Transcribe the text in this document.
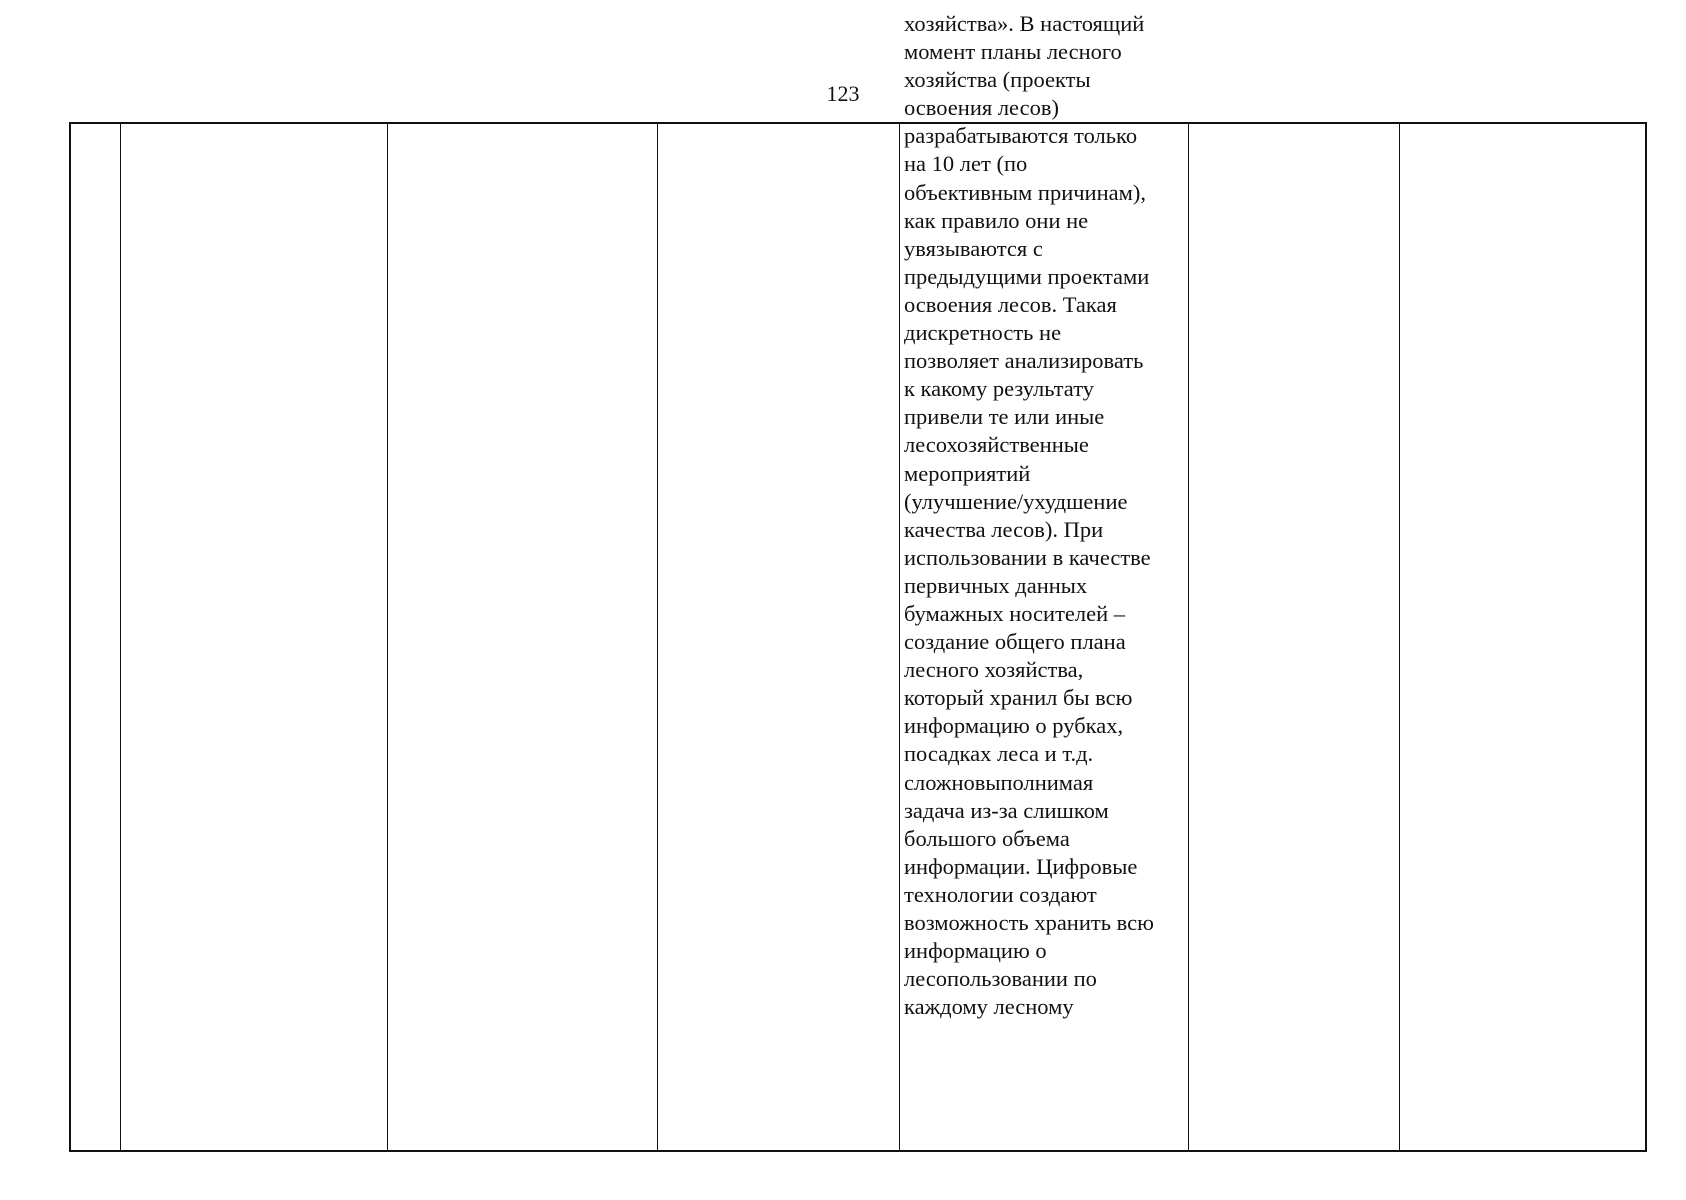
123
хозяйства». В настоящий
момент планы лесного
хозяйства (проекты
освоения лесов)
разрабатываются только
на 10 лет (по
объективным причинам),
как правило они не
увязываются с
предыдущими проектами
освоения лесов. Такая
дискретность не
позволяет анализировать
к какому результату
привели те или иные
лесохозяйственные
мероприятий
(улучшение/ухудшение
качества лесов). При
использовании в качестве
первичных данных
бумажных носителей –
создание общего плана
лесного хозяйства,
который хранил бы всю
информацию о рубках,
посадках леса и т.д.
сложновыполнимая
задача из-за слишком
большого объема
информации. Цифровые
технологии создают
возможность хранить всю
информацию о
лесопользовании по
каждому лесному
